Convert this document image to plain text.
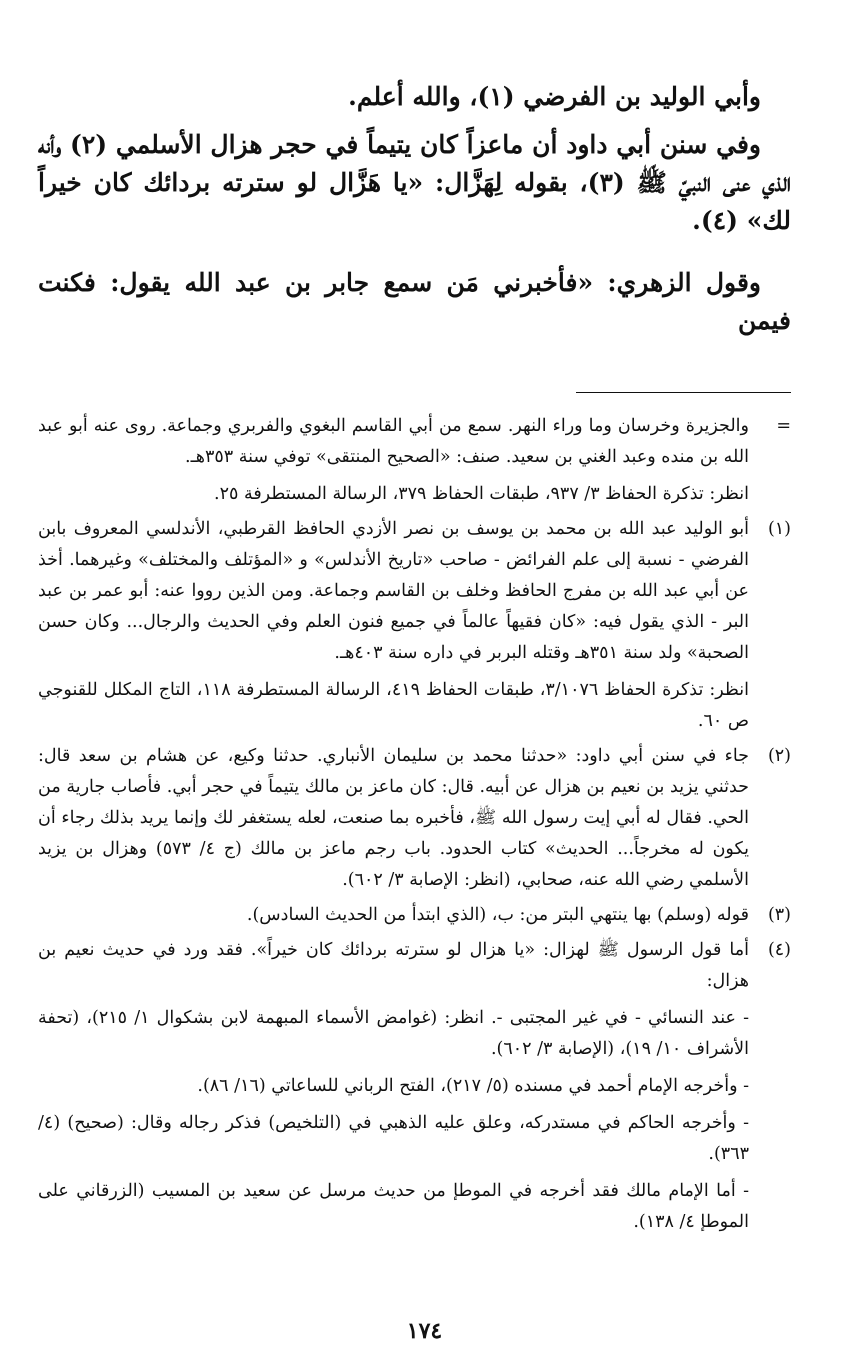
وأبي الوليد بن الفرضي (١)، والله أعلم.

وفي سنن أبي داود أن ماعزاً كان يتيماً في حجر هزال الأسلمي (٢) وأنه الذي عنى النبيّ ﷺ (٣)، بقوله لِهَزَّال: «يا هَزَّال لو سترته بردائك كان خيراً لك» (٤).

وقول الزهري: «فأخبرني مَن سمع جابر بن عبد الله يقول: فكنت فيمن

=

والجزيرة وخرسان وما وراء النهر. سمع من أبي القاسم البغوي والفربري وجماعة. روى عنه أبو عبد الله بن منده وعبد الغني بن سعيد. صنف: «الصحيح المنتقى» توفي سنة ٣٥٣هـ.

انظر: تذكرة الحفاظ ٣/ ٩٣٧، طبقات الحفاظ ٣٧٩، الرسالة المستطرفة ٢٥.

(١)

أبو الوليد عبد الله بن محمد بن يوسف بن نصر الأزدي الحافظ القرطبي، الأندلسي المعروف بابن الفرضي - نسبة إلى علم الفرائض - صاحب «تاريخ الأندلس» و «المؤتلف والمختلف» وغيرهما. أخذ عن أبي عبد الله بن مفرج الحافظ وخلف بن القاسم وجماعة. ومن الذين رووا عنه: أبو عمر بن عبد البر - الذي يقول فيه: «كان فقيهاً عالماً في جميع فنون العلم وفي الحديث والرجال... وكان حسن الصحبة» ولد سنة ٣٥١هـ وقتله البربر في داره سنة ٤٠٣هـ.

انظر: تذكرة الحفاظ ٣/١٠٧٦، طبقات الحفاظ ٤١٩، الرسالة المستطرفة ١١٨، التاج المكلل للقنوجي ص ٦٠.

(٢)

جاء في سنن أبي داود: «حدثنا محمد بن سليمان الأنباري. حدثنا وكيع، عن هشام بن سعد قال: حدثني يزيد بن نعيم بن هزال عن أبيه. قال: كان ماعز بن مالك يتيماً في حجر أبي. فأصاب جارية من الحي. فقال له أبي إيت رسول الله ﷺ، فأخبره بما صنعت، لعله يستغفر لك وإنما يريد بذلك رجاء أن يكون له مخرجاً... الحديث» كتاب الحدود. باب رجم ماعز بن مالك (ج ٤/ ٥٧٣) وهزال بن يزيد الأسلمي رضي الله عنه، صحابي، (انظر: الإصابة ٣/ ٦٠٢).

(٣)

قوله (وسلم) بها ينتهي البتر من: ب، (الذي ابتدأ من الحديث السادس).

(٤)

أما قول الرسول ﷺ لهزال: «يا هزال لو سترته بردائك كان خيراً». فقد ورد في حديث نعيم بن هزال:

- عند النسائي - في غير المجتبى -. انظر: (غوامض الأسماء المبهمة لابن بشكوال ١/ ٢١٥)، (تحفة الأشراف ١٠/ ١٩)، (الإصابة ٣/ ٦٠٢).

- وأخرجه الإمام أحمد في مسنده (٥/ ٢١٧)، الفتح الرباني للساعاتي (١٦/ ٨٦).

- وأخرجه الحاكم في مستدركه، وعلق عليه الذهبي في (التلخيص) فذكر رجاله وقال: (صحيح) (٤/ ٣٦٣).

- أما الإمام مالك فقد أخرجه في الموطإ من حديث مرسل عن سعيد بن المسيب (الزرقاني على الموطإ ٤/ ١٣٨).

١٧٤
